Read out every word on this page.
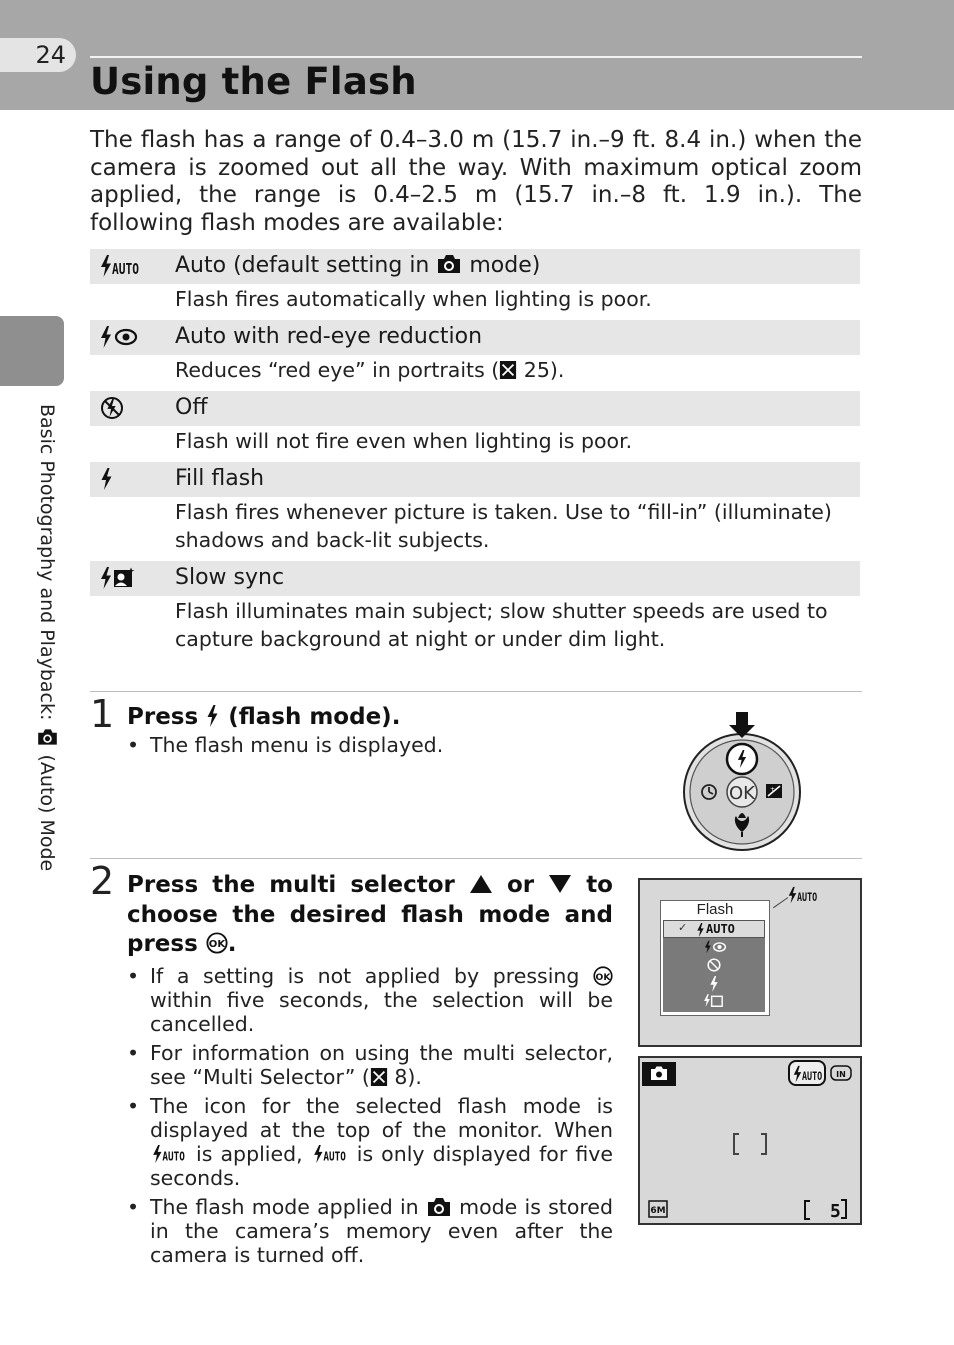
24
Using the Flash
Basic Photography and Playback:  (Auto) Mode

The flash has a range of 0.4–3.0 m (15.7 in.–9 ft. 8.4 in.) when the camera is zoomed out all the way. With maximum optical zoom applied, the range is 0.4–2.5 m (15.7 in.–8 ft. 1.9 in.). The following flash modes are available:

AUTO Auto (default setting in  mode)
Flash fires automatically when lighting is poor.
Auto with red-eye reduction
Reduces “red eye” in portraits ( 25).
Off
Flash will not fire even when lighting is poor.
Fill flash
Flash fires whenever picture is taken. Use to “fill-in” (illuminate) shadows and back-lit subjects.
Slow sync
Flash illuminates main subject; slow shutter speeds are used to capture background at night or under dim light.
1 Press  (flash mode).
• The flash menu is displayed.
OK	+
2 Press the multi selector  or  to choose the desired flash mode and press .
• If a setting is not applied by pressing  within five seconds, the selection will be cancelled.
• For information on using the multi selector, see “Multi Selector” ( 8).
• The icon for the selected flash mode is displayed at the top of the monitor. When
AUTO is applied, AUTO is only displayed for five seconds.
• The flash mode applied in  mode is stored in the camera’s memory even after the camera is turned off.
AUTO
Flash
✓ AUTO
AUTO IN
6M	5
